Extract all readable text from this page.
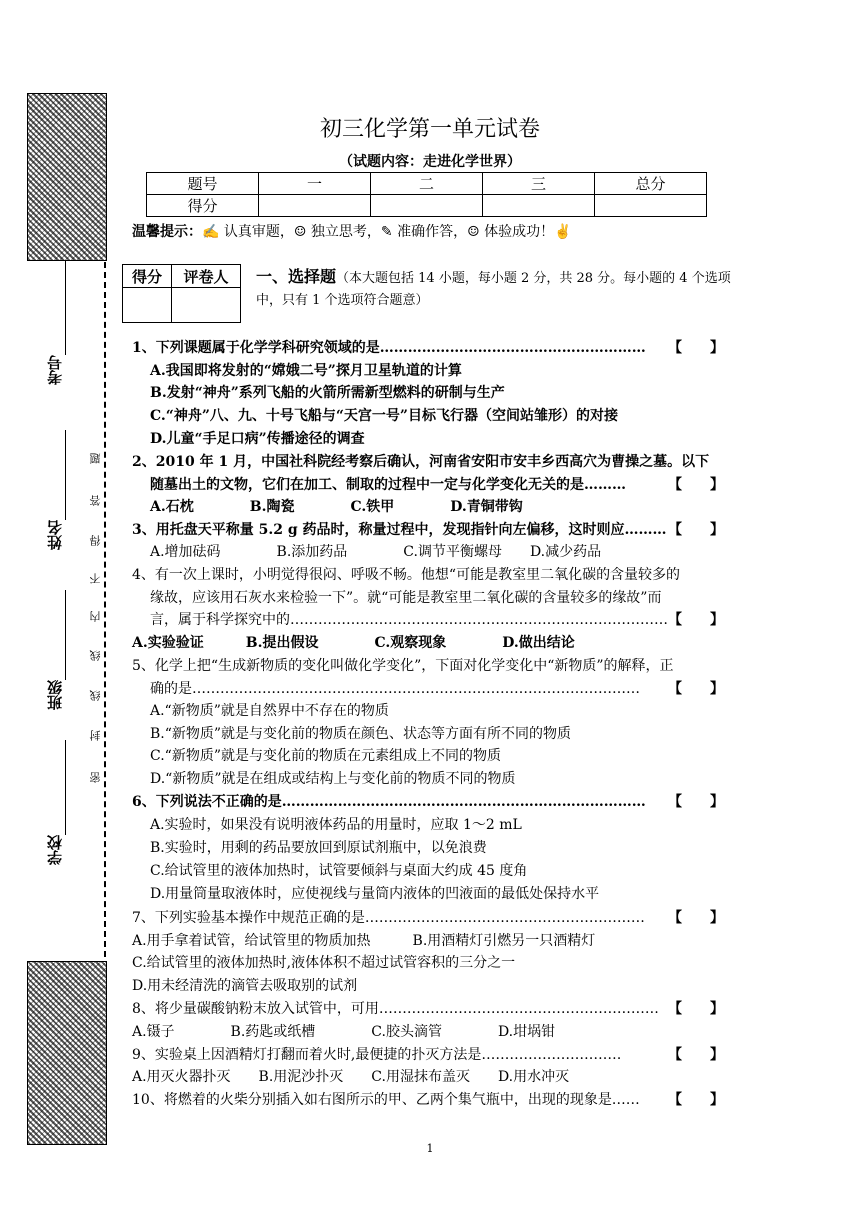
考号
姓名
班级
学校
题
答
得
不
内
线
线
封
密
初三化学第一单元试卷
（试题内容：走进化学世界）
题号	一	二	三	总分
得分				
温馨提示：✍ 认真审题，☺ 独立思考，✎ 准确作答，☺ 体验成功！✌
得分	评卷人
	一、选择题（本大题包括 14 小题，每小题 2 分，共 28 分。每小题的 4 个选项中，只有 1 个选项符合题意）
1、下列课题属于化学学科研究领域的是………………………………………………… 【　　】
A.我国即将发射的“嫦娥二号”探月卫星轨道的计算
B.发射“神舟”系列飞船的火箭所需新型燃料的研制与生产
C.“神舟”八、九、十号飞船与“天宫一号”目标飞行器（空间站雏形）的对接
D.儿童“手足口病”传播途径的调查
2、2010 年 1 月，中国社科院经考察后确认，河南省安阳市安丰乡西高穴为曹操之墓。以下
随墓出土的文物，它们在加工、制取的过程中一定与化学变化无关的是………	【　　】
A.石枕　　　　B.陶瓷　　　　C.铁甲　　　　D.青铜带钩
3、用托盘天平称量 5.2 g 药品时，称量过程中，发现指针向左偏移，这时则应……… 【　　】
A.增加砝码　　　　B.添加药品　　　　C.调节平衡螺母　　D.减少药品
4、有一次上课时，小明觉得很闷、呼吸不畅。他想“可能是教室里二氧化碳的含量较多的
缘故，应该用石灰水来检验一下”。就“可能是教室里二氧化碳的含量较多的缘故”而
言，属于科学探究中的……………………………………………………………………… 【　　】
A.实验验证　　　B.提出假设　　　　C.观察现象　　　　D.做出结论
5、化学上把“生成新物质的变化叫做化学变化”，下面对化学变化中“新物质”的解释，正
确的是…………………………………………………………………………………… 【　　】
A.“新物质”就是自然界中不存在的物质
B.“新物质”就是与变化前的物质在颜色、状态等方面有所不同的物质
C.“新物质”就是与变化前的物质在元素组成上不同的物质
D.“新物质”就是在组成或结构上与变化前的物质不同的物质
6、下列说法不正确的是…………………………………………………………………… 【　　】
A.实验时，如果没有说明液体药品的用量时，应取 1～2 mL
B.实验时，用剩的药品要放回到原试剂瓶中，以免浪费
C.给试管里的液体加热时，试管要倾斜与桌面大约成 45 度角
D.用量筒量取液体时，应使视线与量筒内液体的凹液面的最低处保持水平
7、下列实验基本操作中规范正确的是…………………………………………………… 【　　】
A.用手拿着试管，给试管里的物质加热　　　B.用酒精灯引燃另一只酒精灯
C.给试管里的液体加热时,液体体积不超过试管容积的三分之一
D.用未经清洗的滴管去吸取别的试剂
8、将少量碳酸钠粉末放入试管中，可用…………………………………………………… 【　　】
A.镊子　　　　B.药匙或纸槽　　　　C.胶头滴管　　　　D.坩埚钳
9、实验桌上因酒精灯打翻而着火时,最便捷的扑灭方法是…………………………	【　　】
A.用灭火器扑灭　　B.用泥沙扑灭　　C.用湿抹布盖灭　　D.用水冲灭
10、将燃着的火柴分别插入如右图所示的甲、乙两个集气瓶中，出现的现象是…… 【　　】
1
